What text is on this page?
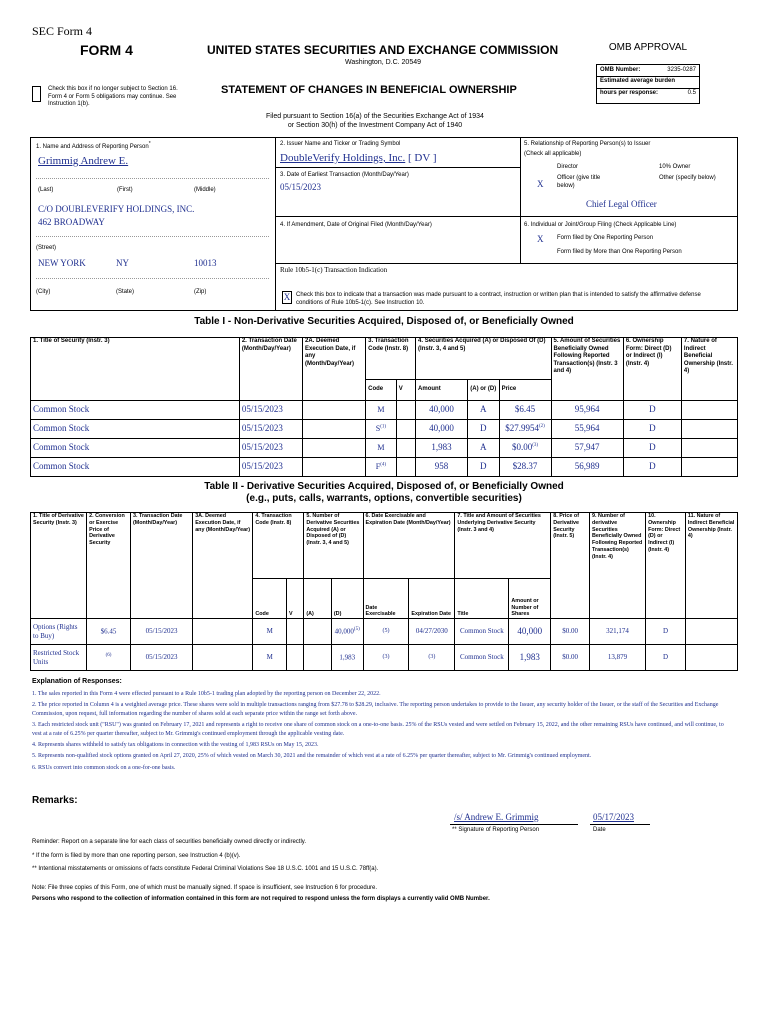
SEC Form 4
FORM 4	UNITED STATES SECURITIES AND EXCHANGE COMMISSION
Washington, D.C. 20549
Check this box if no longer subject to Section 16. Form 4 or Form 5 obligations may continue. See Instruction 1(b).
STATEMENT OF CHANGES IN BENEFICIAL OWNERSHIP
Filed pursuant to Section 16(a) of the Securities Exchange Act of 1934
or Section 30(h) of the Investment Company Act of 1940
OMB APPROVAL
OMB Number:	3235-0287
Estimated average burden
hours per response:	0.5
1. Name and Address of Reporting Person*
Grimmig Andrew E.
(Last)	(First)	(Middle)
C/O DOUBLEVERIFY HOLDINGS, INC.
462 BROADWAY
(Street)
NEW YORK	NY	10013
(City)	(State)	(Zip)
2. Issuer Name and Ticker or Trading Symbol
DoubleVerify Holdings, Inc. [ DV ]
3. Date of Earliest Transaction (Month/Day/Year)
05/15/2023
4. If Amendment, Date of Original Filed (Month/Day/Year)
5. Relationship of Reporting Person(s) to Issuer
(Check all applicable)
Director	10% Owner
X
Officer (give title below)
Other (specify below)
Chief Legal Officer
6. Individual or Joint/Group Filing (Check Applicable Line)
X Form filed by One Reporting Person
Form filed by More than One Reporting Person
Rule 10b5-1(c) Transaction Indication
X Check this box to indicate that a transaction was made pursuant to a contract, instruction or written plan that is intended to satisfy the affirmative defense conditions of Rule 10b5-1(c). See Instruction 10.
Table I - Non-Derivative Securities Acquired, Disposed of, or Beneficially Owned
1. Title of Security (Instr. 3)	2. Transaction Date (Month/Day/Year)	2A. Deemed Execution Date, if any (Month/Day/Year)	3. Transaction Code (Instr. 8)		4. Securities Acquired (A) or Disposed Of (D) (Instr. 3, 4 and 5)			5. Amount of Securities Beneficially Owned Following Reported Transaction(s) (Instr. 3 and 4)	6. Ownership Form: Direct (D) or Indirect (I) (Instr. 4)	7. Nature of Indirect Beneficial Ownership (Instr. 4)
			Code	V	Amount	(A) or (D)	Price			
Common Stock	05/15/2023		M		40,000	A	$6.45	95,964	D	
Common Stock	05/15/2023		$S^{(1)}$		40,000	D	$27.9954$^{(2)}$	55,964	D	
Common Stock	05/15/2023		M		1,983	A	$0.00$^{(3)}$	57,947	D	
Common Stock	05/15/2023		$F^{(4)}$		958	D	$28.37	56,989	D	
Table II - Derivative Securities Acquired, Disposed of, or Beneficially Owned
(e.g., puts, calls, warrants, options, convertible securities)
1. Title of Derivative Security (Instr. 3)	2. Conversion or Exercise Price of Derivative Security	3. Transaction Date (Month/Day/Year)	3A. Deemed Execution Date, if any (Month/Day/Year)	4. Transaction Code (Instr. 8)		5. Number of Derivative Securities Acquired (A) or Disposed of (D) (Instr. 3, 4 and 5)		6. Date Exercisable and Expiration Date (Month/Day/Year)		7. Title and Amount of Securities Underlying Derivative Security (Instr. 3 and 4)		8. Price of Derivative Security (Instr. 5)	9. Number of derivative Securities Beneficially Owned Following Reported Transaction(s) (Instr. 4)	10. Ownership Form: Direct (D) or Indirect (I) (Instr. 4)	11. Nature of Indirect Beneficial Ownership (Instr. 4)
				Code	V	(A)	(D)	Date Exercisable	Expiration Date	Title	Amount or Number of Shares				
Options (Rights to Buy)	$6.45	05/15/2023		M			40,000$^{(5)}$	(5)	04/27/2030	Common Stock	40,000	$0.00	321,174	D	
Restricted Stock Units	$^{(6)}$	05/15/2023		M			1,983	(3)	(3)	Common Stock	1,983	$0.00	13,879	D	
Explanation of Responses:
1. The sales reported in this Form 4 were effected pursuant to a Rule 10b5-1 trading plan adopted by the reporting person on December 22, 2022.
2. The price reported in Column 4 is a weighted average price. These shares were sold in multiple transactions ranging from $27.78 to $28.29, inclusive. The reporting person undertakes to provide to the Issuer, any security holder of the Issuer, or the staff of the Securities and Exchange Commission, upon request, full information regarding the number of shares sold at each separate price within the range set forth above.
3. Each restricted stock unit ("RSU") was granted on February 17, 2021 and represents a right to receive one share of common stock on a one-to-one basis. 25% of the RSUs vested and were settled on February 15, 2022, and the other remaining RSUs have continued, and will continue, to vest at a rate of 6.25% per quarter thereafter, subject to Mr. Grimmig's continued employment through the applicable vesting date.
4. Represents shares withheld to satisfy tax obligations in connection with the vesting of 1,983 RSUs on May 15, 2023.
5. Represents non-qualified stock options granted on April 27, 2020, 25% of which vested on March 30, 2021 and the remainder of which vest at a rate of 6.25% per quarter thereafter, subject to Mr. Grimmig's continued employment.
6. RSUs convert into common stock on a one-for-one basis.
Remarks:
/s/ Andrew E. Grimmig	05/17/2023
** Signature of Reporting Person	Date
Reminder: Report on a separate line for each class of securities beneficially owned directly or indirectly.
* If the form is filed by more than one reporting person, see Instruction 4 (b)(v).
** Intentional misstatements or omissions of facts constitute Federal Criminal Violations See 18 U.S.C. 1001 and 15 U.S.C. 78ff(a).
Note: File three copies of this Form, one of which must be manually signed. If space is insufficient, see Instruction 6 for procedure.
Persons who respond to the collection of information contained in this form are not required to respond unless the form displays a currently valid OMB Number.
